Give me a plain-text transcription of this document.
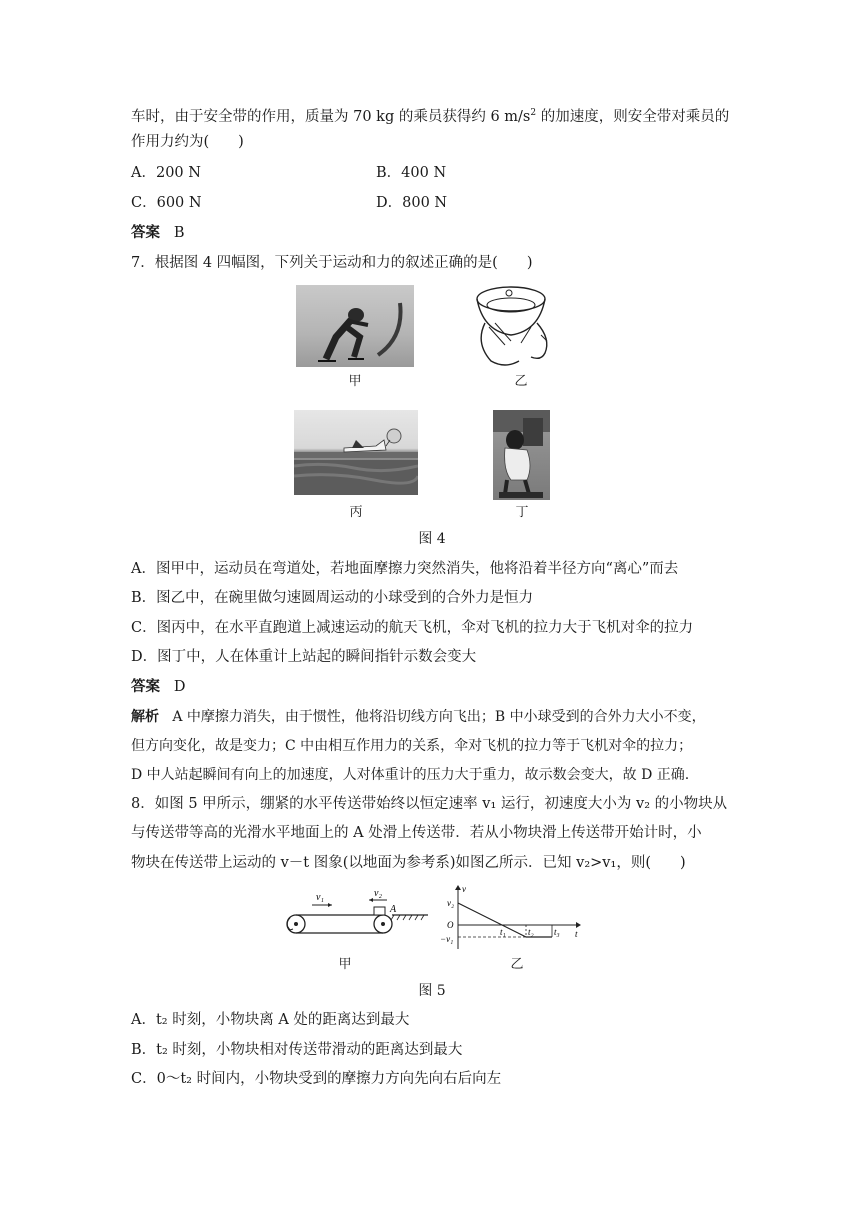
车时，由于安全带的作用，质量为 70 kg 的乘员获得约 6 $m/s^2$ 的加速度，则安全带对乘员的
作用力约为(　　)
A．200 N	B．400 N
C．600 N	D．800 N
答案 B
7．根据图 4 四幅图，下列关于运动和力的叙述正确的是(　　)
甲	乙
丙	丁
图 4
A．图甲中，运动员在弯道处，若地面摩擦力突然消失，他将沿着半径方向“离心”而去
B．图乙中，在碗里做匀速圆周运动的小球受到的合外力是恒力
C．图丙中，在水平直跑道上减速运动的航天飞机，伞对飞机的拉力大于飞机对伞的拉力
D．图丁中，人在体重计上站起的瞬间指针示数会变大
答案 D
解析 A 中摩擦力消失，由于惯性，他将沿切线方向飞出；B 中小球受到的合外力大小不变，
但方向变化，故是变力；C 中由相互作用力的关系，伞对飞机的拉力等于飞机对伞的拉力；
D 中人站起瞬间有向上的加速度，人对体重计的压力大于重力，故示数会变大，故 D 正确.
8．如图 5 甲所示，绷紧的水平传送带始终以恒定速率 v₁ 运行，初速度大小为 v₂ 的小物块从
与传送带等高的光滑水平地面上的 A 处滑上传送带．若从小物块滑上传送带开始计时，小
物块在传送带上运动的 v－t 图象(以地面为参考系)如图乙所示．已知 v₂>v₁，则(　　)
v₁	v₂
A
甲
v
t
O
v₂
−v₁
t₁ t₂ t₃
乙
图 5
A．t₂ 时刻，小物块离 A 处的距离达到最大
B．t₂ 时刻，小物块相对传送带滑动的距离达到最大
C．0～t₂ 时间内，小物块受到的摩擦力方向先向右后向左
